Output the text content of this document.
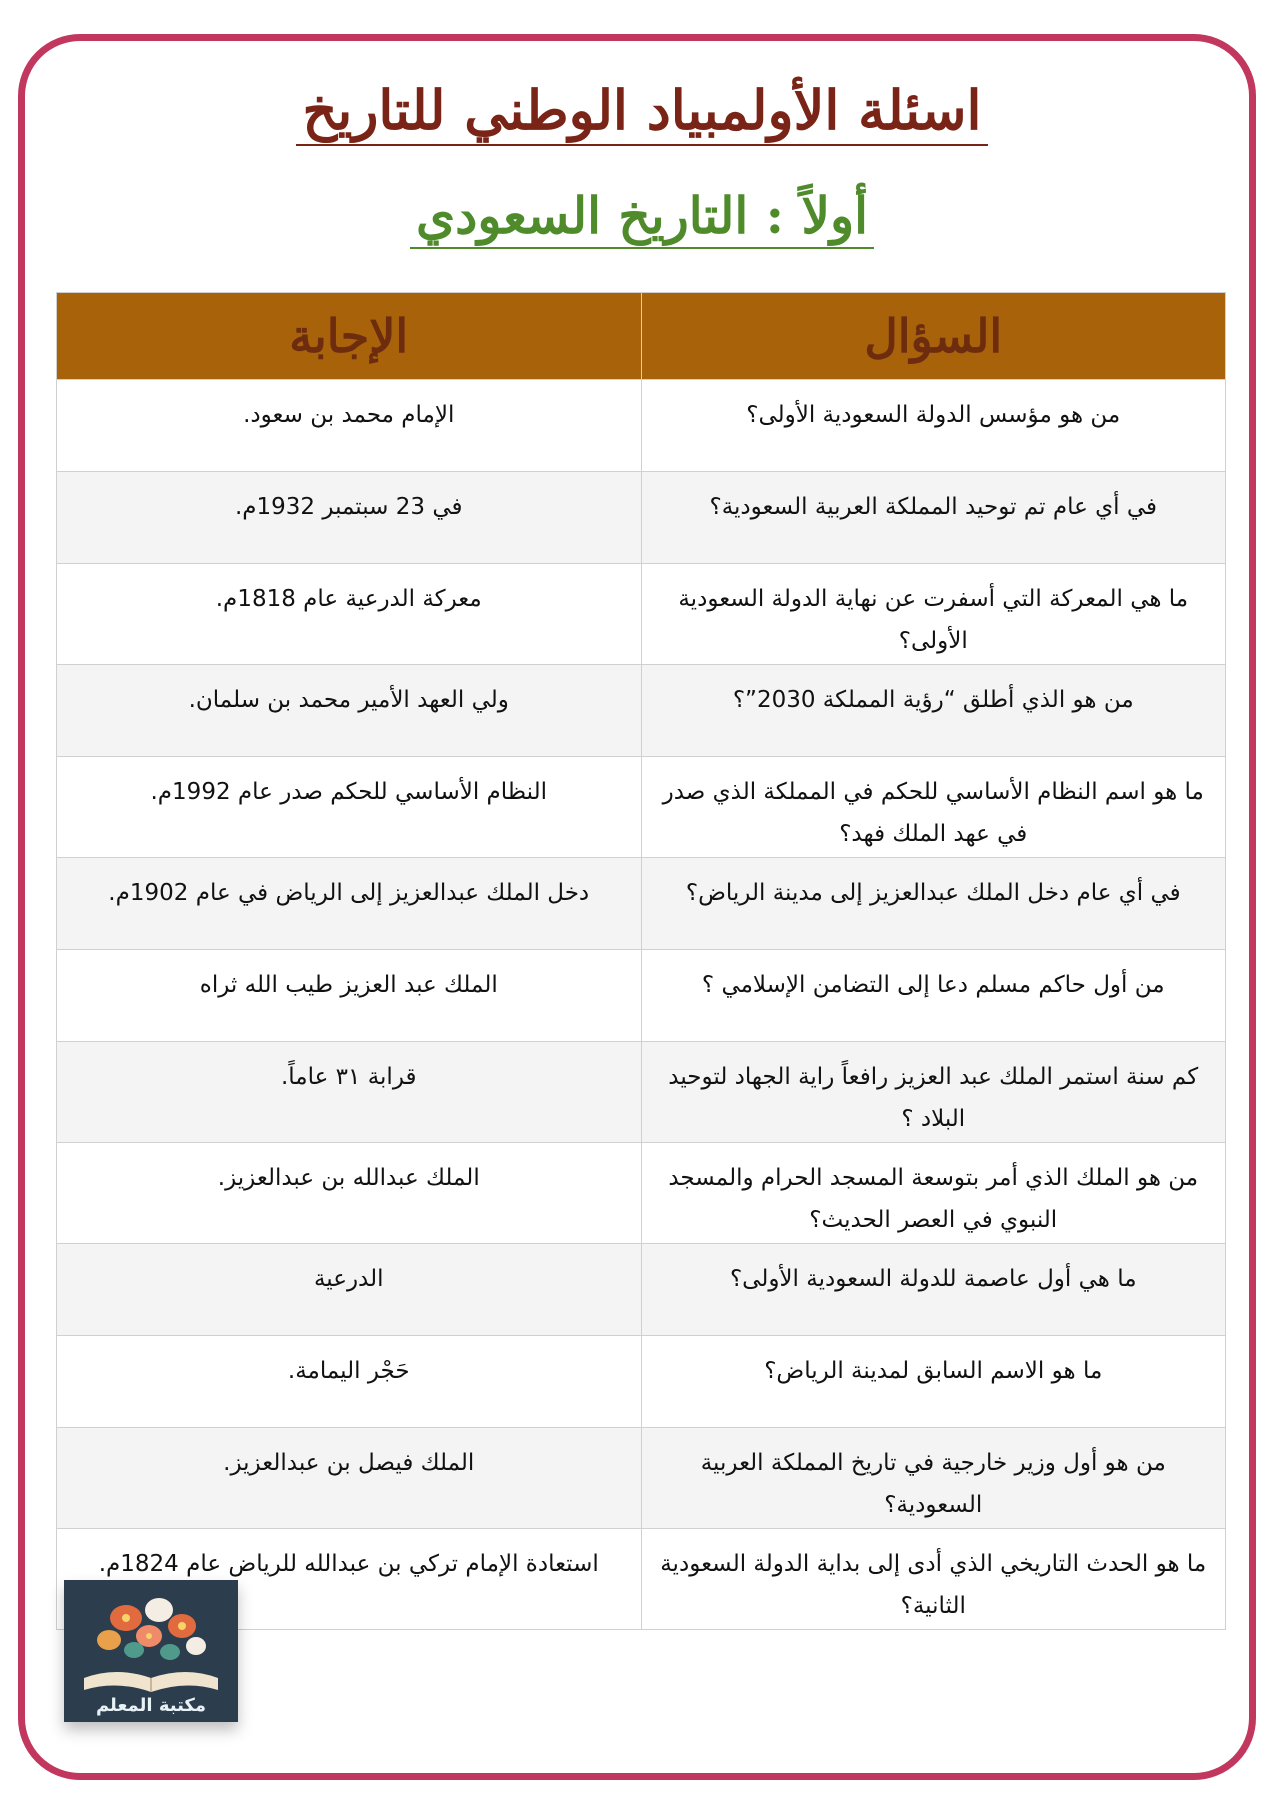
اسئلة الأولمبياد الوطني للتاريخ
أولاً : التاريخ السعودي
السؤال	الإجابة
من هو مؤسس الدولة السعودية الأولى؟	الإمام محمد بن سعود.
في أي عام تم توحيد المملكة العربية السعودية؟	في 23 سبتمبر 1932م.
ما هي المعركة التي أسفرت عن نهاية الدولة السعودية الأولى؟	معركة الدرعية عام 1818م.
من هو الذي أطلق “رؤية المملكة 2030”؟	ولي العهد الأمير محمد بن سلمان.
ما هو اسم النظام الأساسي للحكم في المملكة الذي صدر في عهد الملك فهد؟	النظام الأساسي للحكم صدر عام 1992م.
في أي عام دخل الملك عبدالعزيز إلى مدينة الرياض؟	دخل الملك عبدالعزيز إلى الرياض في عام 1902م.
من أول حاكم مسلم دعا إلى التضامن الإسلامي ؟	الملك عبد العزيز طيب الله ثراه
كم سنة استمر الملك عبد العزيز رافعاً راية الجهاد لتوحيد البلاد ؟	قرابة ٣١ عاماً.
من هو الملك الذي أمر بتوسعة المسجد الحرام والمسجد النبوي في العصر الحديث؟	الملك عبدالله بن عبدالعزيز.
ما هي أول عاصمة للدولة السعودية الأولى؟	الدرعية
ما هو الاسم السابق لمدينة الرياض؟	حَجْر اليمامة.
من هو أول وزير خارجية في تاريخ المملكة العربية السعودية؟	الملك فيصل بن عبدالعزيز.
ما هو الحدث التاريخي الذي أدى إلى بداية الدولة السعودية الثانية؟	استعادة الإمام تركي بن عبدالله للرياض عام 1824م.
مكتبة المعلم
